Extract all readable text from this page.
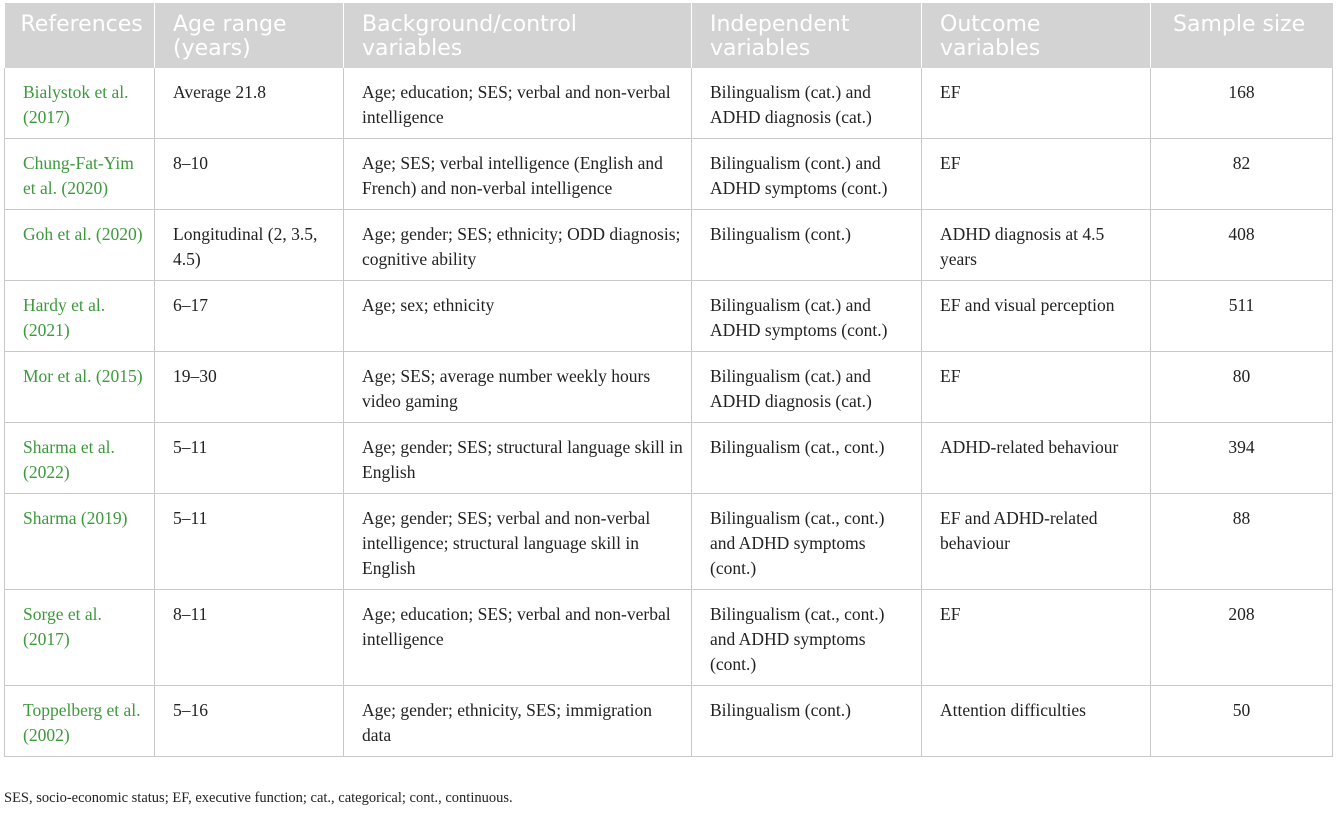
References	Age range (years)	Background/control variables	Independent variables	Outcome variables	Sample size
Bialystok et al. (2017)	Average 21.8	Age; education; SES; verbal and non-verbal intelligence	Bilingualism (cat.) and ADHD diagnosis (cat.)	EF	168
Chung-Fat-Yim et al. (2020)	8–10	Age; SES; verbal intelligence (English and French) and non-verbal intelligence	Bilingualism (cont.) and ADHD symptoms (cont.)	EF	82
Goh et al. (2020)	Longitudinal (2, 3.5, 4.5)	Age; gender; SES; ethnicity; ODD diagnosis; cognitive ability	Bilingualism (cont.)	ADHD diagnosis at 4.5 years	408
Hardy et al. (2021)	6–17	Age; sex; ethnicity	Bilingualism (cat.) and ADHD symptoms (cont.)	EF and visual perception	511
Mor et al. (2015)	19–30	Age; SES; average number weekly hours video gaming	Bilingualism (cat.) and ADHD diagnosis (cat.)	EF	80
Sharma et al. (2022)	5–11	Age; gender; SES; structural language skill in English	Bilingualism (cat., cont.)	ADHD-related behaviour	394
Sharma (2019)	5–11	Age; gender; SES; verbal and non-verbal intelligence; structural language skill in English	Bilingualism (cat., cont.) and ADHD symptoms (cont.)	EF and ADHD-related behaviour	88
Sorge et al. (2017)	8–11	Age; education; SES; verbal and non-verbal intelligence	Bilingualism (cat., cont.) and ADHD symptoms (cont.)	EF	208
Toppelberg et al. (2002)	5–16	Age; gender; ethnicity, SES; immigration data	Bilingualism (cont.)	Attention difficulties	50
SES, socio-economic status; EF, executive function; cat., categorical; cont., continuous.
